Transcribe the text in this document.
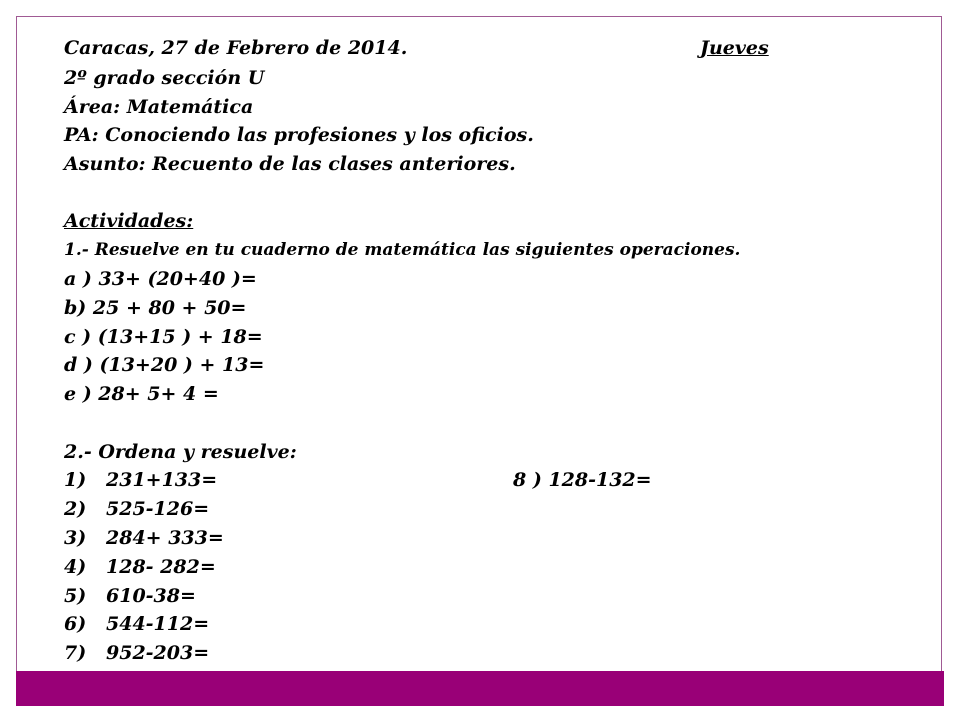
Caracas, 27 de Febrero de 2014.	Jueves
2º grado sección U
Área: Matemática
PA: Conociendo las profesiones y los oficios.
Asunto: Recuento de las clases anteriores.
Actividades:
1.- Resuelve en tu cuaderno de matemática las siguientes operaciones.
a ) 33+ (20+40 )=
b) 25 + 80 + 50=
c ) (13+15 ) + 18=
d ) (13+20 ) + 13=
e ) 28+ 5+ 4 =
2.- Ordena y resuelve:
1) 231+133=	8 ) 128-132=
2) 525-126=
3) 284+ 333=
4) 128- 282=
5) 610-38=
6) 544-112=
7) 952-203=
